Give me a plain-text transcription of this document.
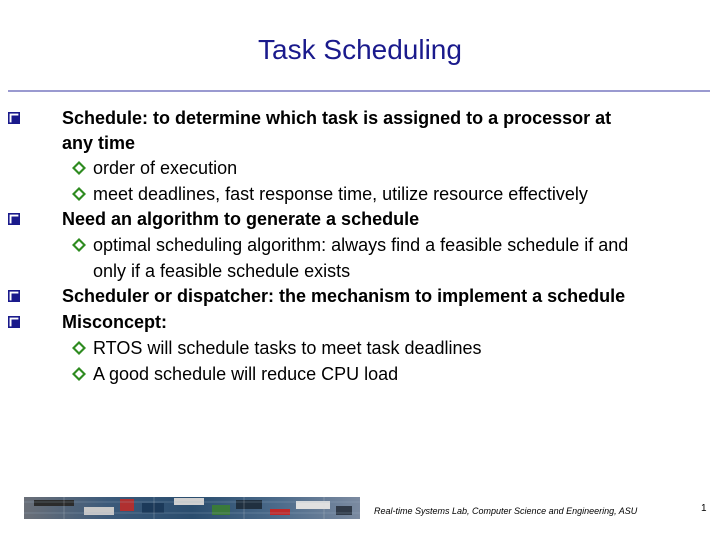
Task Scheduling
Schedule: to determine which task is assigned to a processor at
any time
order of execution
meet deadlines, fast response time, utilize resource effectively
Need an algorithm to generate a schedule
optimal scheduling algorithm: always find a feasible schedule if and
only if a feasible schedule exists
Scheduler or dispatcher: the mechanism to implement a schedule
Misconcept:
RTOS will schedule tasks to meet task deadlines
A good schedule will reduce CPU load
Real-time Systems Lab, Computer Science and Engineering, ASU	1
